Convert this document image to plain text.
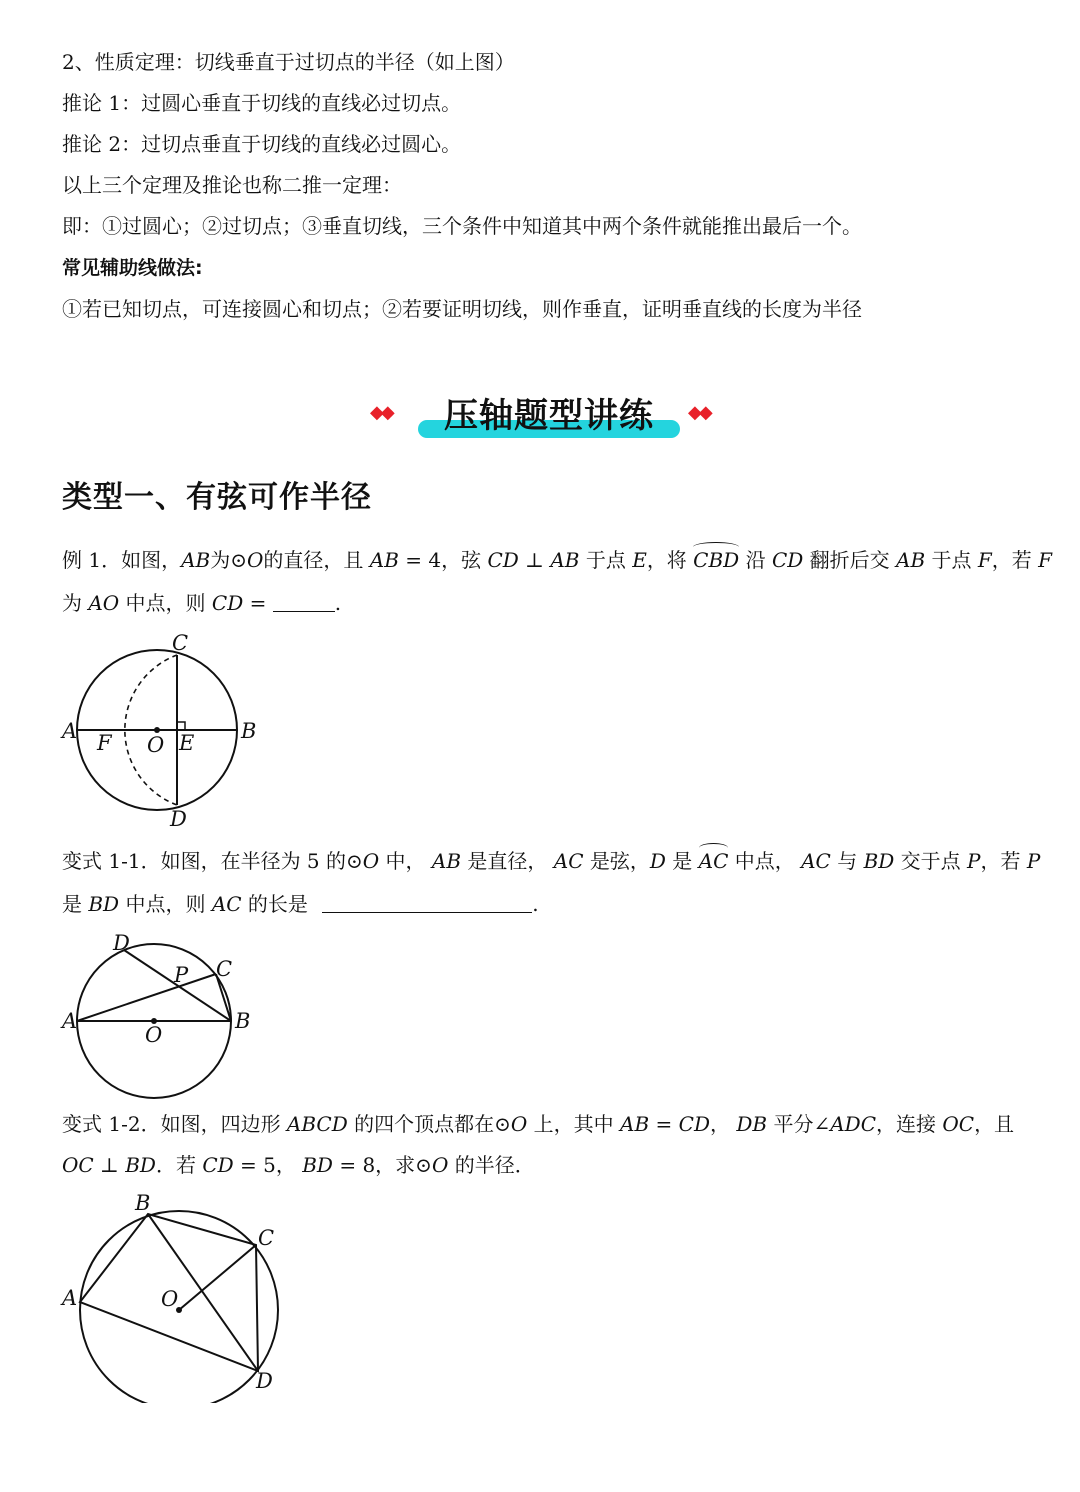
2、性质定理：切线垂直于过切点的半径（如上图）
推论 1：过圆心垂直于切线的直线必过切点。
推论 2：过切点垂直于切线的直线必过圆心。
以上三个定理及推论也称二推一定理：
即：①过圆心；②过切点；③垂直切线，三个条件中知道其中两个条件就能推出最后一个。
常见辅助线做法:
①若已知切点，可连接圆心和切点；②若要证明切线，则作垂直，证明垂直线的长度为半径
◆◆	压轴题型讲练	◆◆
类型一、有弦可作半径
例 1．如图，AB为⊙O的直径，且 AB = 4，弦 CD ⊥ AB 于点 E，将 CBD 沿 CD 翻折后交 AB 于点 F，若 F
为 AO 中点，则 CD =	.
C
A	B
F O E
D
变式 1-1．如图，在半径为 5 的⊙O 中， AB 是直径， AC 是弦，D 是 AC 中点， AC 与 BD 交于点 P，若 P
是 BD 中点，则 AC 的长是	.
D
C
P
A	B
O
变式 1-2．如图，四边形 ABCD 的四个顶点都在⊙O 上，其中 AB = CD， DB 平分∠ADC，连接 OC，且
OC ⊥ BD．若 CD = 5， BD = 8，求⊙O 的半径．
B
C
A	O
D
